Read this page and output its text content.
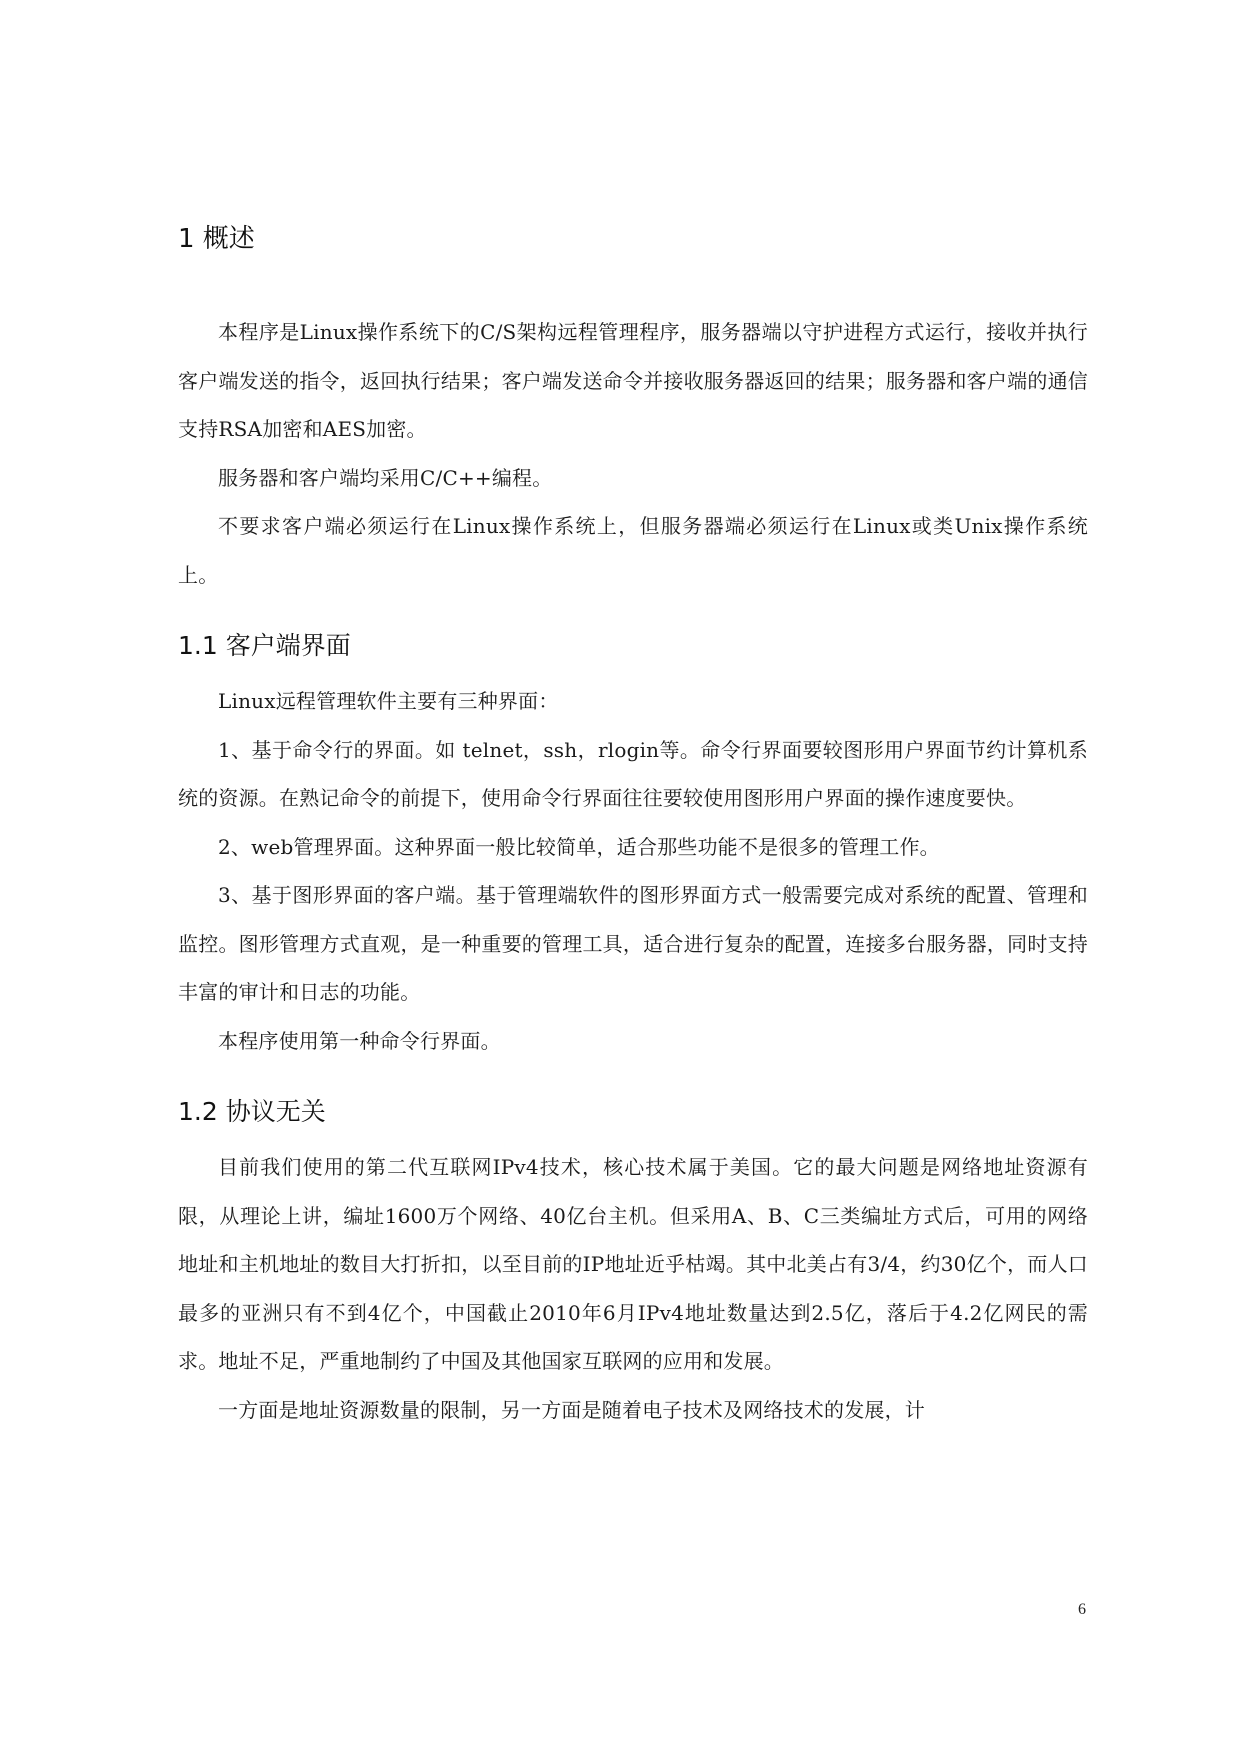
1 概述

本程序是Linux操作系统下的C/S架构远程管理程序，服务器端以守护进程方式运行，接收并执行客户端发送的指令，返回执行结果；客户端发送命令并接收服务器返回的结果；服务器和客户端的通信支持RSA加密和AES加密。

服务器和客户端均采用C/C++编程。

不要求客户端必须运行在Linux操作系统上，但服务器端必须运行在Linux或类Unix操作系统上。

1.1 客户端界面

Linux远程管理软件主要有三种界面：

1、基于命令行的界面。如 telnet，ssh，rlogin等。命令行界面要较图形用户界面节约计算机系统的资源。在熟记命令的前提下，使用命令行界面往往要较使用图形用户界面的操作速度要快。

2、web管理界面。这种界面一般比较简单，适合那些功能不是很多的管理工作。

3、基于图形界面的客户端。基于管理端软件的图形界面方式一般需要完成对系统的配置、管理和监控。图形管理方式直观，是一种重要的管理工具，适合进行复杂的配置，连接多台服务器，同时支持丰富的审计和日志的功能。

本程序使用第一种命令行界面。

1.2 协议无关

目前我们使用的第二代互联网IPv4技术，核心技术属于美国。它的最大问题是网络地址资源有限，从理论上讲，编址1600万个网络、40亿台主机。但采用A、B、C三类编址方式后，可用的网络地址和主机地址的数目大打折扣，以至目前的IP地址近乎枯竭。其中北美占有3/4，约30亿个，而人口最多的亚洲只有不到4亿个，中国截止2010年6月IPv4地址数量达到2.5亿，落后于4.2亿网民的需求。地址不足，严重地制约了中国及其他国家互联网的应用和发展。

一方面是地址资源数量的限制，另一方面是随着电子技术及网络技术的发展，计

6
